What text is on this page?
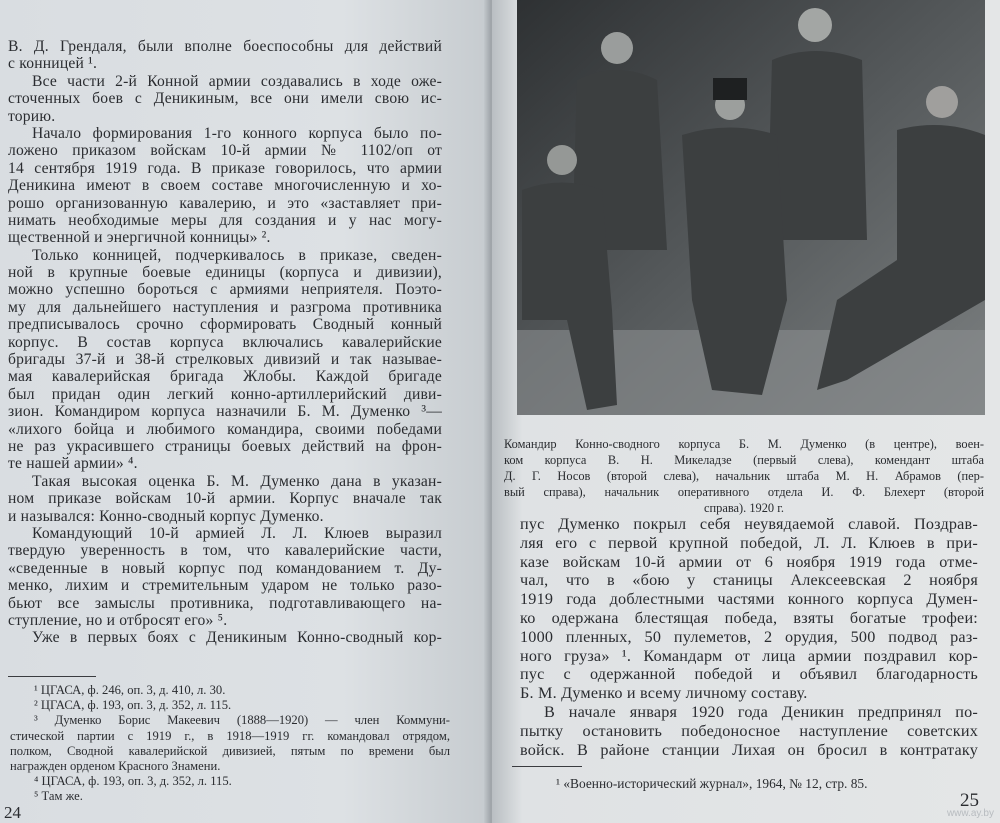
В. Д. Грендаля, были вполне боеспособны для действий
с конницей ¹.
Все части 2-й Конной армии создавались в ходе оже-
сточенных боев с Деникиным, все они имели свою ис-
торию.
Начало формирования 1-го конного корпуса было по-
ложено приказом войскам 10-й армии № 1102/оп от
14 сентября 1919 года. В приказе говорилось, что армии
Деникина имеют в своем составе многочисленную и хо-
рошо организованную кавалерию, и это «заставляет при-
нимать необходимые меры для создания и у нас могу-
щественной и энергичной конницы» ².
Только конницей, подчеркивалось в приказе, сведен-
ной в крупные боевые единицы (корпуса и дивизии),
можно успешно бороться с армиями неприятеля. Поэто-
му для дальнейшего наступления и разгрома противника
предписывалось срочно сформировать Сводный конный
корпус. В состав корпуса включались кавалерийские
бригады 37-й и 38-й стрелковых дивизий и так называе-
мая кавалерийская бригада Жлобы. Каждой бригаде
был придан один легкий конно-артиллерийский диви-
зион. Командиром корпуса назначили Б. М. Думенко ³—
«лихого бойца и любимого командира, своими победами
не раз украсившего страницы боевых действий на фрон-
те нашей армии» ⁴.
Такая высокая оценка Б. М. Думенко дана в указан-
ном приказе войскам 10-й армии. Корпус вначале так
и назывался: Конно-сводный корпус Думенко.
Командующий 10-й армией Л. Л. Клюев выразил
твердую уверенность в том, что кавалерийские части,
«сведенные в новый корпус под командованием т. Ду-
менко, лихим и стремительным ударом не только разо-
бьют все замыслы противника, подготавливающего на-
ступление, но и отбросят его» ⁵.
Уже в первых боях с Деникиным Конно-сводный кор-
¹ ЦГАСА, ф. 246, оп. 3, д. 410, л. 30.
² ЦГАСА, ф. 193, оп. 3, д. 352, л. 115.
³ Думенко Борис Макеевич (1888—1920) — член Коммуни-
стической партии с 1919 г., в 1918—1919 гг. командовал отрядом,
полком, Сводной кавалерийской дивизией, пятым по времени был
награжден орденом Красного Знамени.
⁴ ЦГАСА, ф. 193, оп. 3, д. 352, л. 115.
⁵ Там же.
24
Командир Конно-сводного корпуса Б. М. Думенко (в центре), воен-
ком корпуса В. Н. Микеладзе (первый слева), комендант штаба
Д. Г. Носов (второй слева), начальник штаба М. Н. Абрамов (пер-
вый справа), начальник оперативного отдела И. Ф. Блехерт (второй
справа). 1920 г.
пус Думенко покрыл себя неувядаемой славой. Поздрав-
ляя его с первой крупной победой, Л. Л. Клюев в при-
казе войскам 10-й армии от 6 ноября 1919 года отме-
чал, что в «бою у станицы Алексеевская 2 ноября
1919 года доблестными частями конного корпуса Думен-
ко одержана блестящая победа, взяты богатые трофеи:
1000 пленных, 50 пулеметов, 2 орудия, 500 подвод раз-
ного груза» ¹. Командарм от лица армии поздравил кор-
пус с одержанной победой и объявил благодарность
Б. М. Думенко и всему личному составу.
В начале января 1920 года Деникин предпринял по-
пытку остановить победоносное наступление советских
войск. В районе станции Лихая он бросил в контратаку
¹ «Военно-исторический журнал», 1964, № 12, стр. 85.
25
www.ay.by
